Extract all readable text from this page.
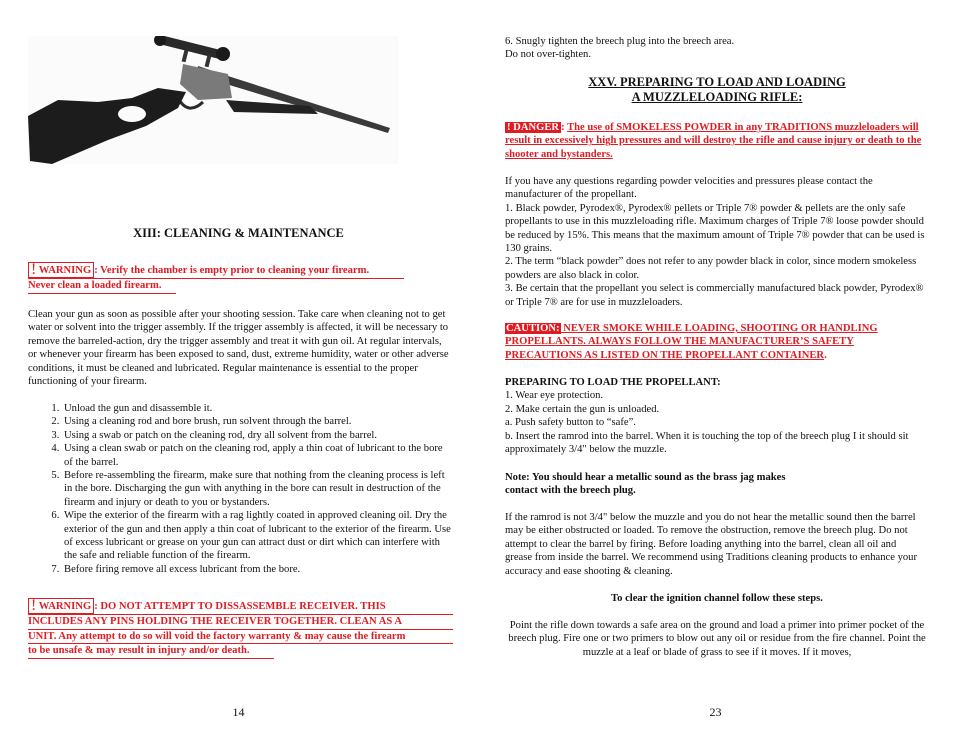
XIII: CLEANING & MAINTENANCE
! WARNING : Verify the chamber is empty prior to cleaning your firearm.
Never clean a loaded firearm.
Clean your gun as soon as possible after your shooting session. Take care when cleaning not to get water or solvent into the trigger assembly. If the trigger assembly is affected, it will be necessary to remove the barreled-action, dry the trigger assembly and treat it with gun oil. At regular intervals, or whenever your firearm has been exposed to sand, dust, extreme humidity, water or other adverse conditions, it must be cleaned and lubricated. Regular maintenance is essential to the proper functioning of your firearm.
1. Unload the gun and disassemble it.
2. Using a cleaning rod and bore brush, run solvent through the barrel.
3. Using a swab or patch on the cleaning rod, dry all solvent from the barrel.
4. Using a clean swab or patch on the cleaning rod, apply a thin coat of lubricant to the bore of the barrel.
5. Before re-assembling the firearm, make sure that nothing from the cleaning process is left in the bore. Discharging the gun with anything in the bore can result in destruction of the firearm and injury or death to you or bystanders.
6. Wipe the exterior of the firearm with a rag lightly coated in approved cleaning oil. Dry the exterior of the gun and then apply a thin coat of lubricant to the exterior of the firearm. Use of excess lubricant or grease on your gun can attract dust or dirt which can interfere with the safe and reliable function of the firearm.
7. Before firing remove all excess lubricant from the bore.
! WARNING : DO NOT ATTEMPT TO DISSASSEMBLE RECEIVER. THIS
INCLUDES ANY PINS HOLDING THE RECEIVER TOGETHER. CLEAN AS A
UNIT. Any attempt to do so will void the factory warranty & may cause the firearm
to be unsafe & may result in injury and/or death.
14
6. Snugly tighten the breech plug into the breech area.
Do not over-tighten.
XXV. PREPARING TO LOAD AND LOADING
A MUZZLELOADING RIFLE:
! DANGER : The use of SMOKELESS POWDER in any TRADITIONS muzzleloaders will result in excessively high pressures and will destroy the rifle and cause injury or death to the shooter and bystanders.
If you have any questions regarding powder velocities and pressures please contact the manufacturer of the propellant.
1. Black powder, Pyrodex®, Pyrodex® pellets or Triple 7® powder & pellets are the only safe propellants to use in this muzzleloading rifle. Maximum charges of Triple 7® loose powder should be reduced by 15%. This means that the maximum amount of Triple 7® powder that can be used is 130 grains.
2. The term “black powder” does not refer to any powder black in color, since modern smokeless powders are also black in color.
3. Be certain that the propellant you select is commercially manufactured black powder, Pyrodex® or Triple 7® are for use in muzzleloaders.
CAUTION: NEVER SMOKE WHILE LOADING, SHOOTING OR HANDLING PROPELLANTS. ALWAYS FOLLOW THE MANUFACTURER’S SAFETY PRECAUTIONS AS LISTED ON THE PROPELLANT CONTAINER.
PREPARING TO LOAD THE PROPELLANT:
1. Wear eye protection.
2. Make certain the gun is unloaded.
a. Push safety button to “safe”.
b. Insert the ramrod into the barrel. When it is touching the top of the breech plug I it should sit approximately 3/4" below the muzzle.
Note: You should hear a metallic sound as the brass jag makes
contact with the breech plug.
If the ramrod is not 3/4" below the muzzle and you do not hear the metallic sound then the barrel may be either obstructed or loaded. To remove the obstruction, remove the breech plug. Do not attempt to clear the barrel by firing. Before loading anything into the barrel, clean all oil and grease from inside the barrel. We recommend using Traditions cleaning products to enhance your accuracy and ease shooting & cleaning.
To clear the ignition channel follow these steps.
Point the rifle down towards a safe area on the ground and load a primer into primer pocket of the breech plug. Fire one or two primers to blow out any oil or residue from the fire channel. Point the muzzle at a leaf or blade of grass to see if it moves. If it moves,
23
